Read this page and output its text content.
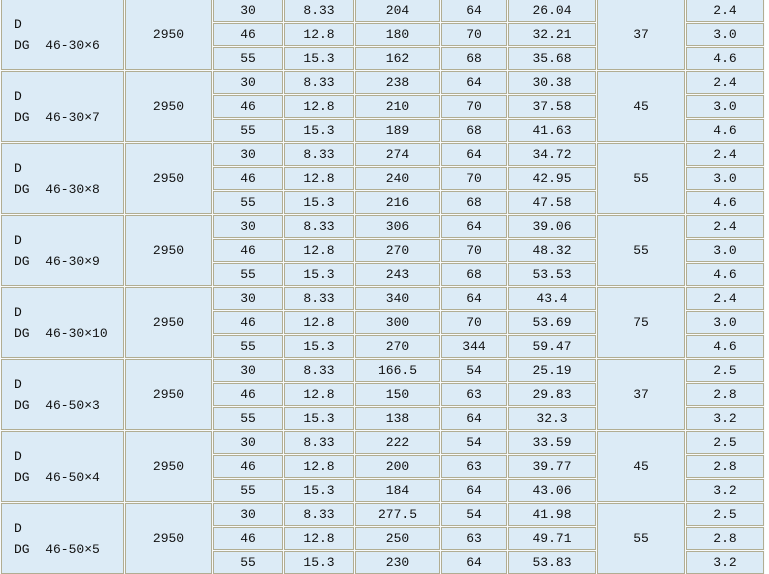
D
DG  46-30×6	2950	30	8.33	204	64	26.04	37	2.4
		46	12.8	180	70	32.21		3.0
		55	15.3	162	68	35.68		4.6

D
DG  46-30×7	2950	30	8.33	238	64	30.38	45	2.4
		46	12.8	210	70	37.58		3.0
		55	15.3	189	68	41.63		4.6

D
DG  46-30×8	2950	30	8.33	274	64	34.72	55	2.4
		46	12.8	240	70	42.95		3.0
		55	15.3	216	68	47.58		4.6

D
DG  46-30×9	2950	30	8.33	306	64	39.06	55	2.4
		46	12.8	270	70	48.32		3.0
		55	15.3	243	68	53.53		4.6

D
DG  46-30×10	2950	30	8.33	340	64	43.4	75	2.4
		46	12.8	300	70	53.69		3.0
		55	15.3	270	344	59.47		4.6

D
DG  46-50×3	2950	30	8.33	166.5	54	25.19	37	2.5
		46	12.8	150	63	29.83		2.8
		55	15.3	138	64	32.3		3.2

D
DG  46-50×4	2950	30	8.33	222	54	33.59	45	2.5
		46	12.8	200	63	39.77		2.8
		55	15.3	184	64	43.06		3.2

D
DG  46-50×5	2950	30	8.33	277.5	54	41.98	55	2.5
		46	12.8	250	63	49.71		2.8
		55	15.3	230	64	53.83		3.2
